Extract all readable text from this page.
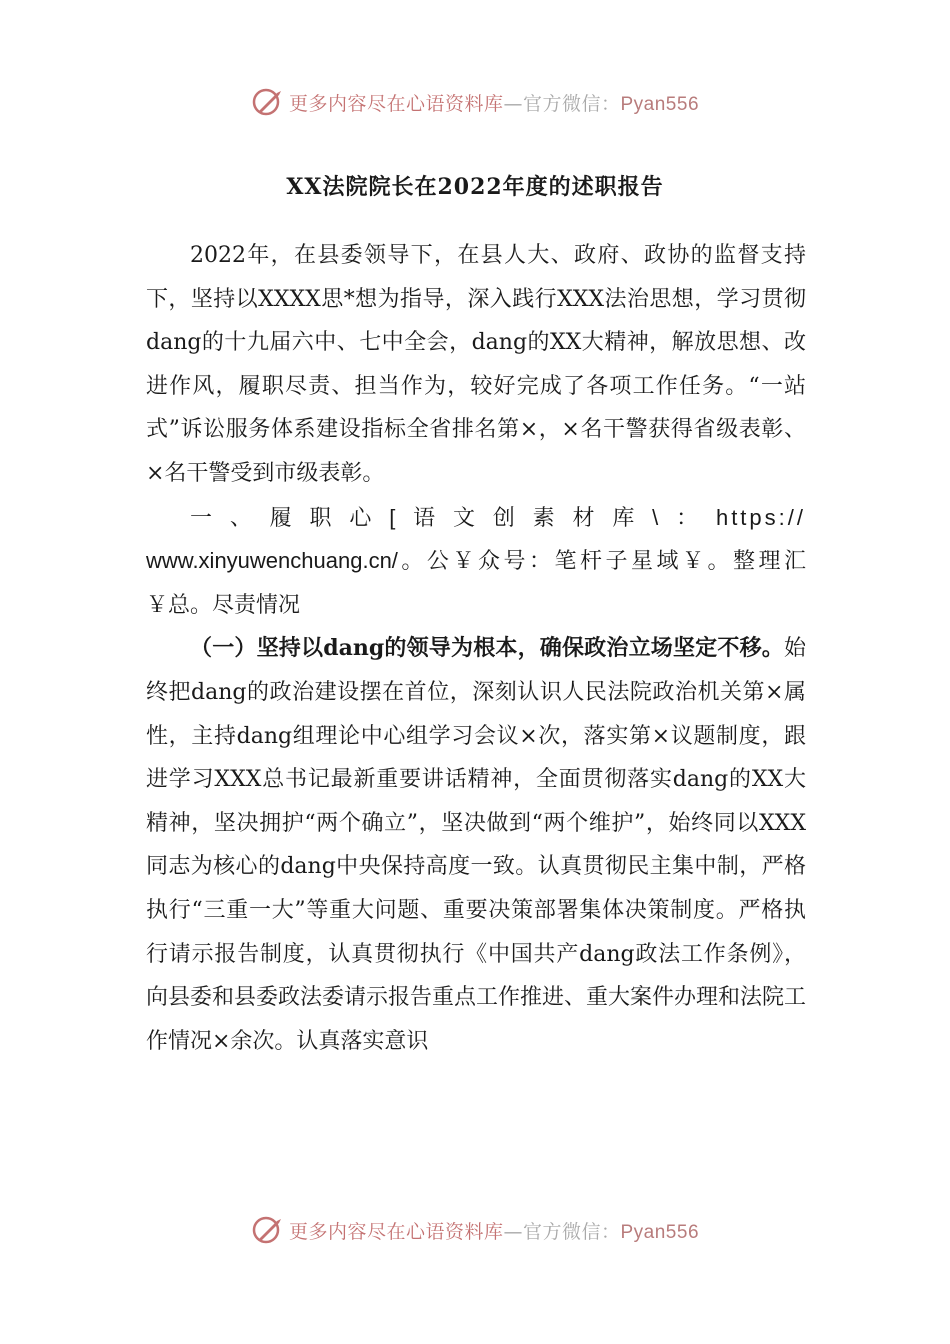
更多内容尽在心语资料库—官方微信：Pyan556
XX法院院长在2022年度的述职报告

2022年，在县委领导下，在县人大、政府、政协的监督支持下，坚持以XXXX思*想为指导，深入践行XXX法治思想，学习贯彻dang的十九届六中、七中全会，dang的XX大精神，解放思想、改进作风，履职尽责、担当作为，较好完成了各项工作任务。“一站式”诉讼服务体系建设指标全省排名第×，×名干警获得省级表彰、×名干警受到市级表彰。

一、履职心[语文创素材库\：https://
www.xinyuwenchuang.cn/。公￥众号：笔杆子星域￥。整理汇￥总。尽责情况

（一）坚持以dang的领导为根本，确保政治立场坚定不移。始终把dang的政治建设摆在首位，深刻认识人民法院政治机关第×属性，主持dang组理论中心组学习会议×次，落实第×议题制度，跟进学习XXX总书记最新重要讲话精神，全面贯彻落实dang的XX大精神，坚决拥护“两个确立”，坚决做到“两个维护”，始终同以XXX同志为核心的dang中央保持高度一致。认真贯彻民主集中制，严格执行“三重一大”等重大问题、重要决策部署集体决策制度。严格执行请示报告制度，认真贯彻执行《中国共产dang政法工作条例》，向县委和县委政法委请示报告重点工作推进、重大案件办理和法院工作情况×余次。认真落实意识

更多内容尽在心语资料库—官方微信：Pyan556
